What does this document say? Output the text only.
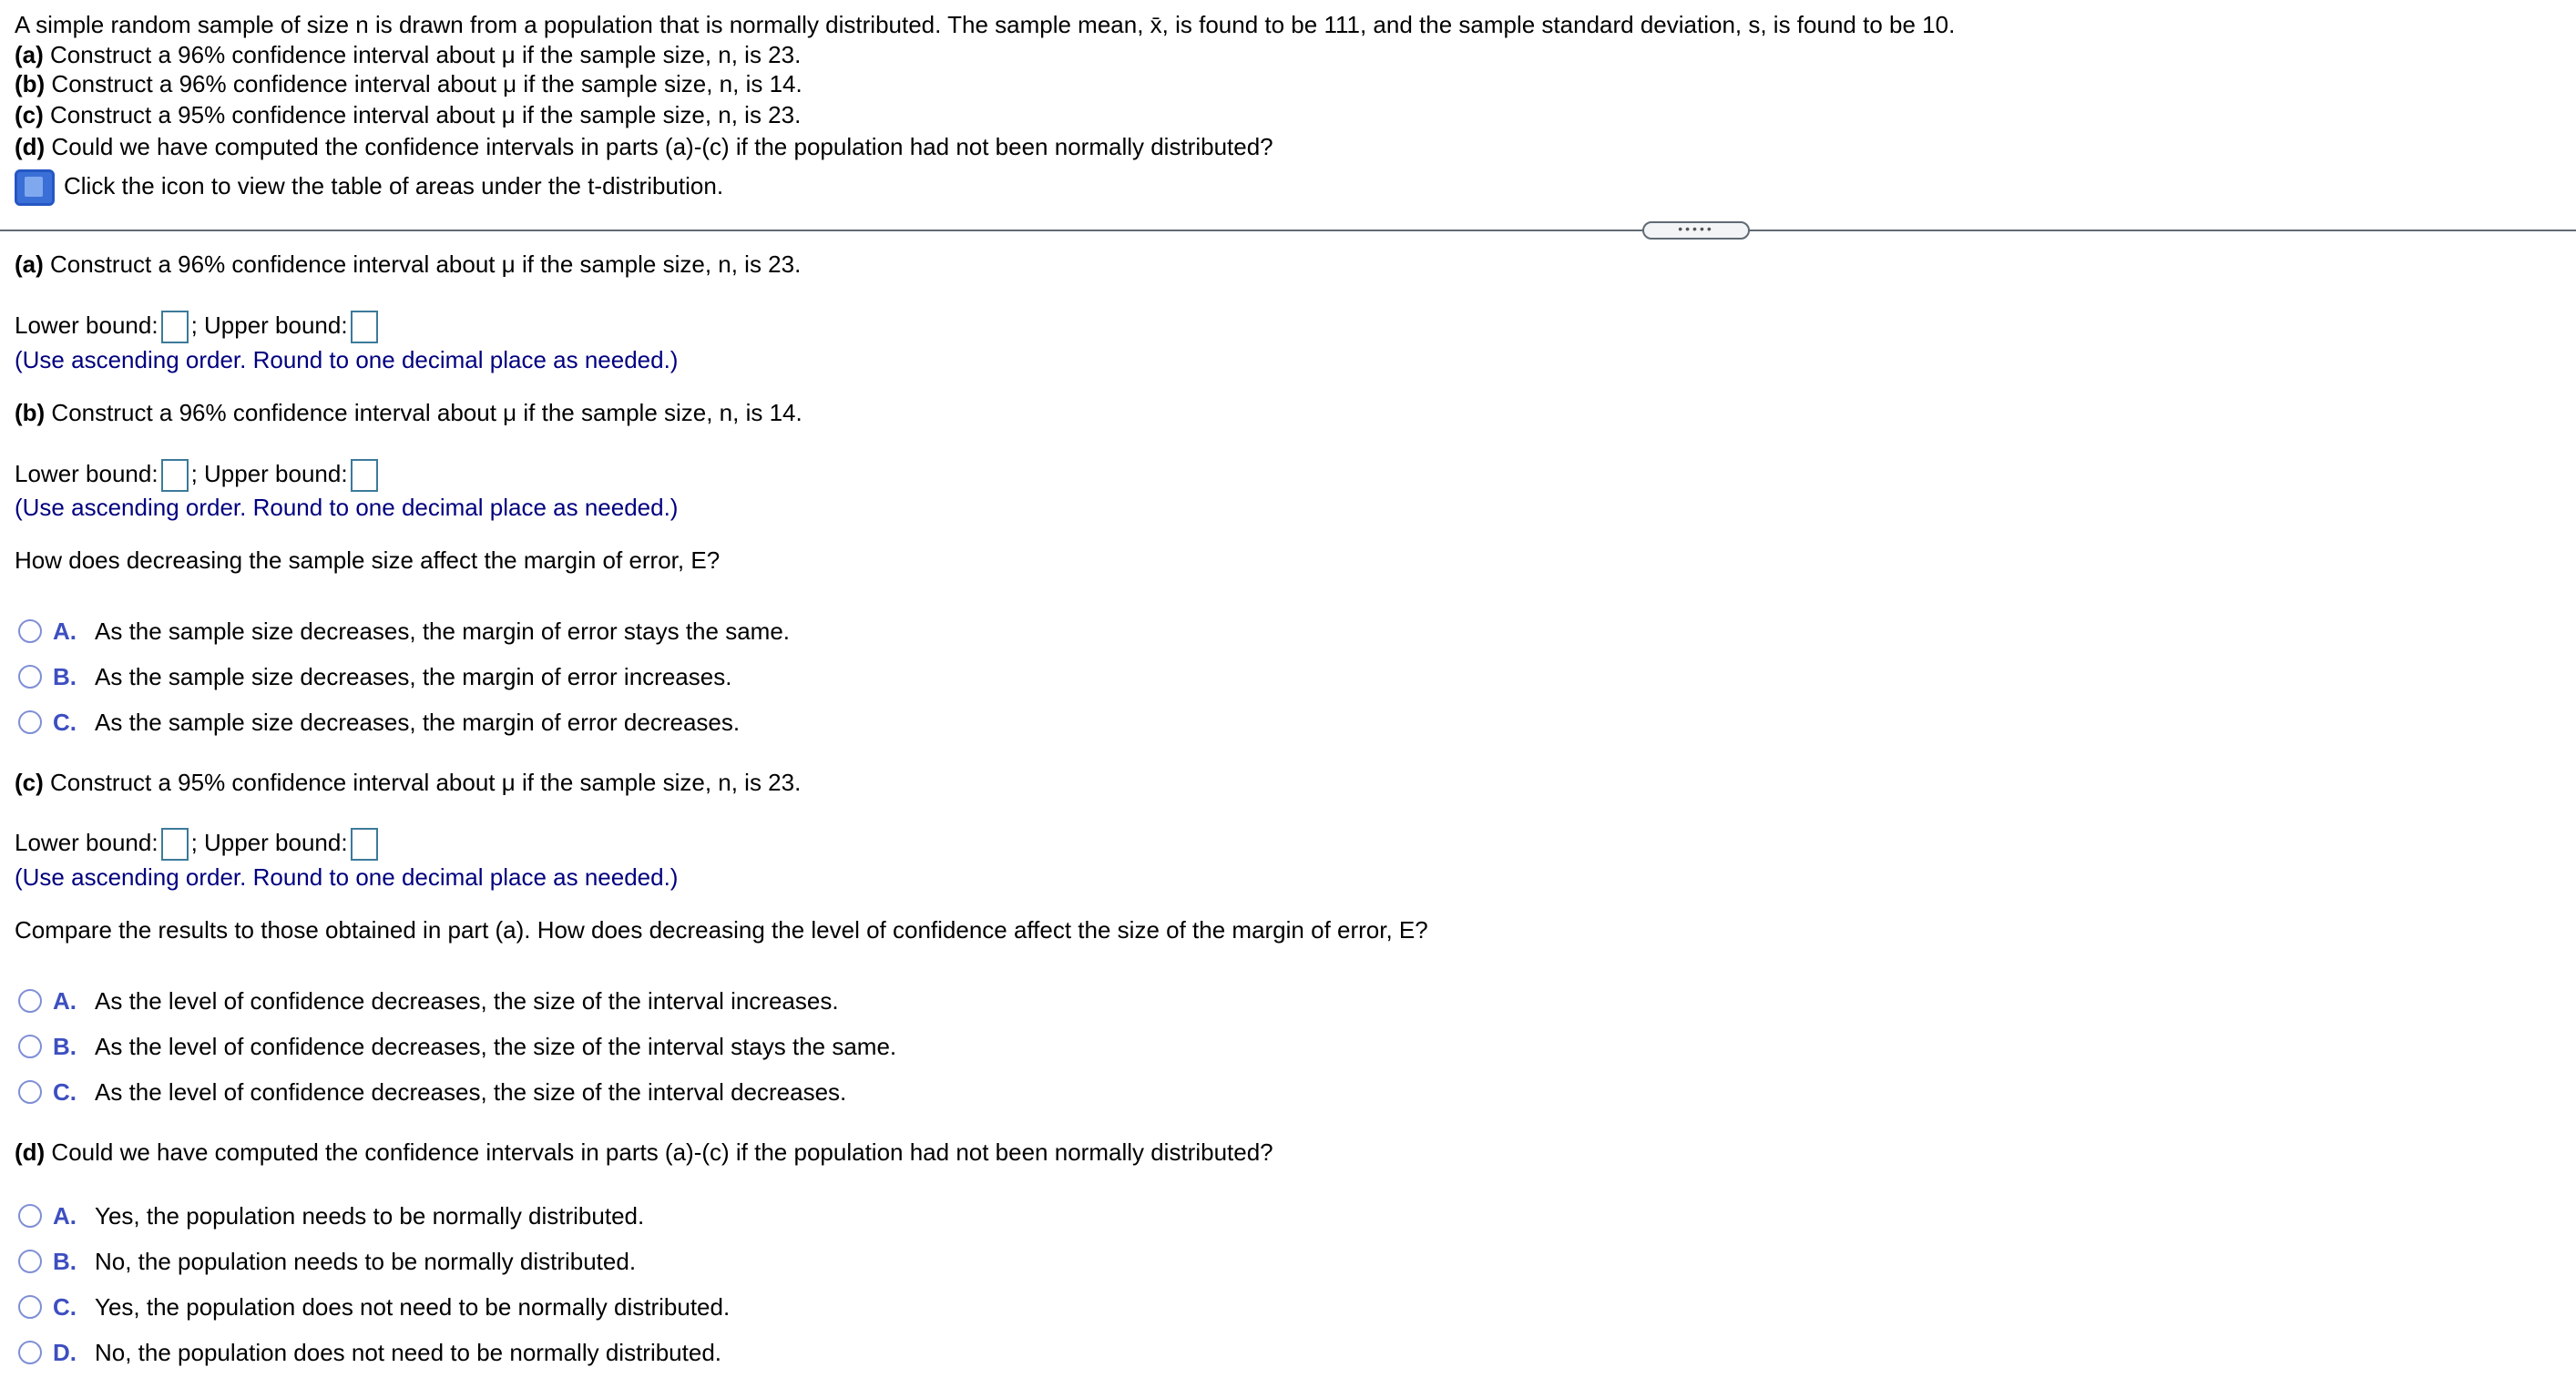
A simple random sample of size n is drawn from a population that is normally distributed. The sample mean, x̄, is found to be 111, and the sample standard deviation, s, is found to be 10.
(a) Construct a 96% confidence interval about μ if the sample size, n, is 23.
(b) Construct a 96% confidence interval about μ if the sample size, n, is 14.
(c) Construct a 95% confidence interval about μ if the sample size, n, is 23.
(d) Could we have computed the confidence intervals in parts (a)-(c) if the population had not been normally distributed?
Click the icon to view the table of areas under the t-distribution.
•••••
(a) Construct a 96% confidence interval about μ if the sample size, n, is 23.
Lower bound: ; Upper bound:
(Use ascending order. Round to one decimal place as needed.)
(b) Construct a 96% confidence interval about μ if the sample size, n, is 14.
Lower bound: ; Upper bound:
(Use ascending order. Round to one decimal place as needed.)
How does decreasing the sample size affect the margin of error, E?
A. As the sample size decreases, the margin of error stays the same.
B. As the sample size decreases, the margin of error increases.
C. As the sample size decreases, the margin of error decreases.
(c) Construct a 95% confidence interval about μ if the sample size, n, is 23.
Lower bound: ; Upper bound:
(Use ascending order. Round to one decimal place as needed.)
Compare the results to those obtained in part (a). How does decreasing the level of confidence affect the size of the margin of error, E?
A. As the level of confidence decreases, the size of the interval increases.
B. As the level of confidence decreases, the size of the interval stays the same.
C. As the level of confidence decreases, the size of the interval decreases.
(d) Could we have computed the confidence intervals in parts (a)-(c) if the population had not been normally distributed?
A. Yes, the population needs to be normally distributed.
B. No, the population needs to be normally distributed.
C. Yes, the population does not need to be normally distributed.
D. No, the population does not need to be normally distributed.
